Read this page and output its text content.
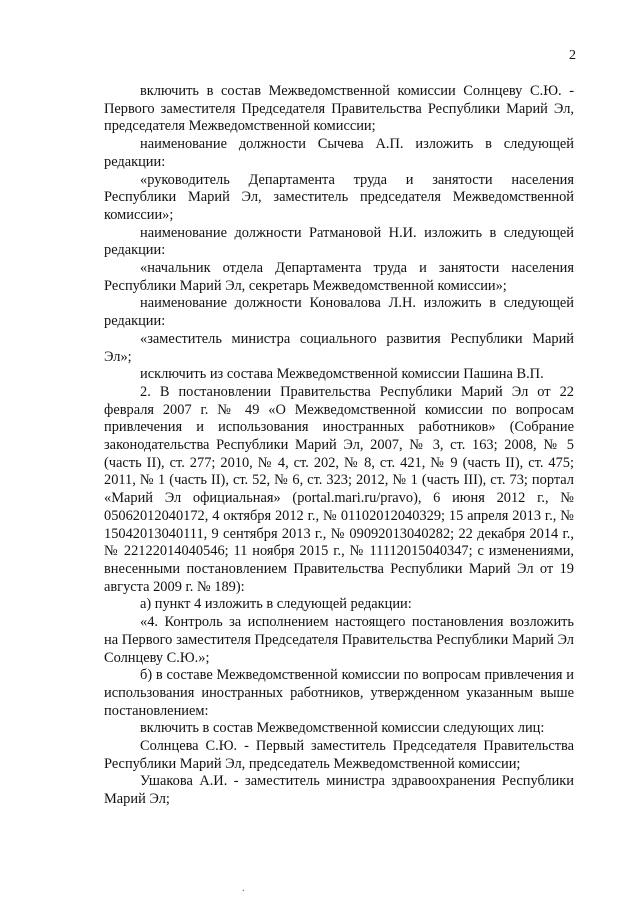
2

включить в состав Межведомственной комиссии Солнцеву С.Ю. - Первого заместителя Председателя Правительства Республики Марий Эл, председателя Межведомственной комиссии;

наименование должности Сычева А.П. изложить в следующей редакции:

«руководитель Департамента труда и занятости населения Республики Марий Эл, заместитель председателя Межведомственной комиссии»;

наименование должности Ратмановой Н.И. изложить в следующей редакции:

«начальник отдела Департамента труда и занятости населения Республики Марий Эл, секретарь Межведомственной комиссии»;

наименование должности Коновалова Л.Н. изложить в следующей редакции:

«заместитель министра социального развития Республики Марий Эл»;

исключить из состава Межведомственной комиссии Пашина В.П.

2. В постановлении Правительства Республики Марий Эл от 22 февраля 2007 г. № 49 «О Межведомственной комиссии по вопросам привлечения и использования иностранных работников» (Собрание законодательства Республики Марий Эл, 2007, № 3, ст. 163; 2008, № 5 (часть II), ст. 277; 2010, № 4, ст. 202, № 8, ст. 421, № 9 (часть II), ст. 475; 2011, № 1 (часть II), ст. 52, № 6, ст. 323; 2012, № 1 (часть III), ст. 73; портал «Марий Эл официальная» (portal.mari.ru/pravo), 6 июня 2012 г., № 05062012040172, 4 октября 2012 г., № 01102012040329; 15 апреля 2013 г., № 15042013040111, 9 сентября 2013 г., № 09092013040282; 22 декабря 2014 г., № 22122014040546; 11 ноября 2015 г., № 11112015040347; с изменениями, внесенными постановлением Правительства Республики Марий Эл от 19 августа 2009 г. № 189):

а) пункт 4 изложить в следующей редакции:

«4. Контроль за исполнением настоящего постановления возложить на Первого заместителя Председателя Правительства Республики Марий Эл Солнцеву С.Ю.»;

б) в составе Межведомственной комиссии по вопросам привлечения и использования иностранных работников, утвержденном указанным выше постановлением:

включить в состав Межведомственной комиссии следующих лиц:

Солнцева С.Ю. - Первый заместитель Председателя Правительства Республики Марий Эл, председатель Межведомственной комиссии;

Ушакова А.И. - заместитель министра здравоохранения Республики Марий Эл;

.
